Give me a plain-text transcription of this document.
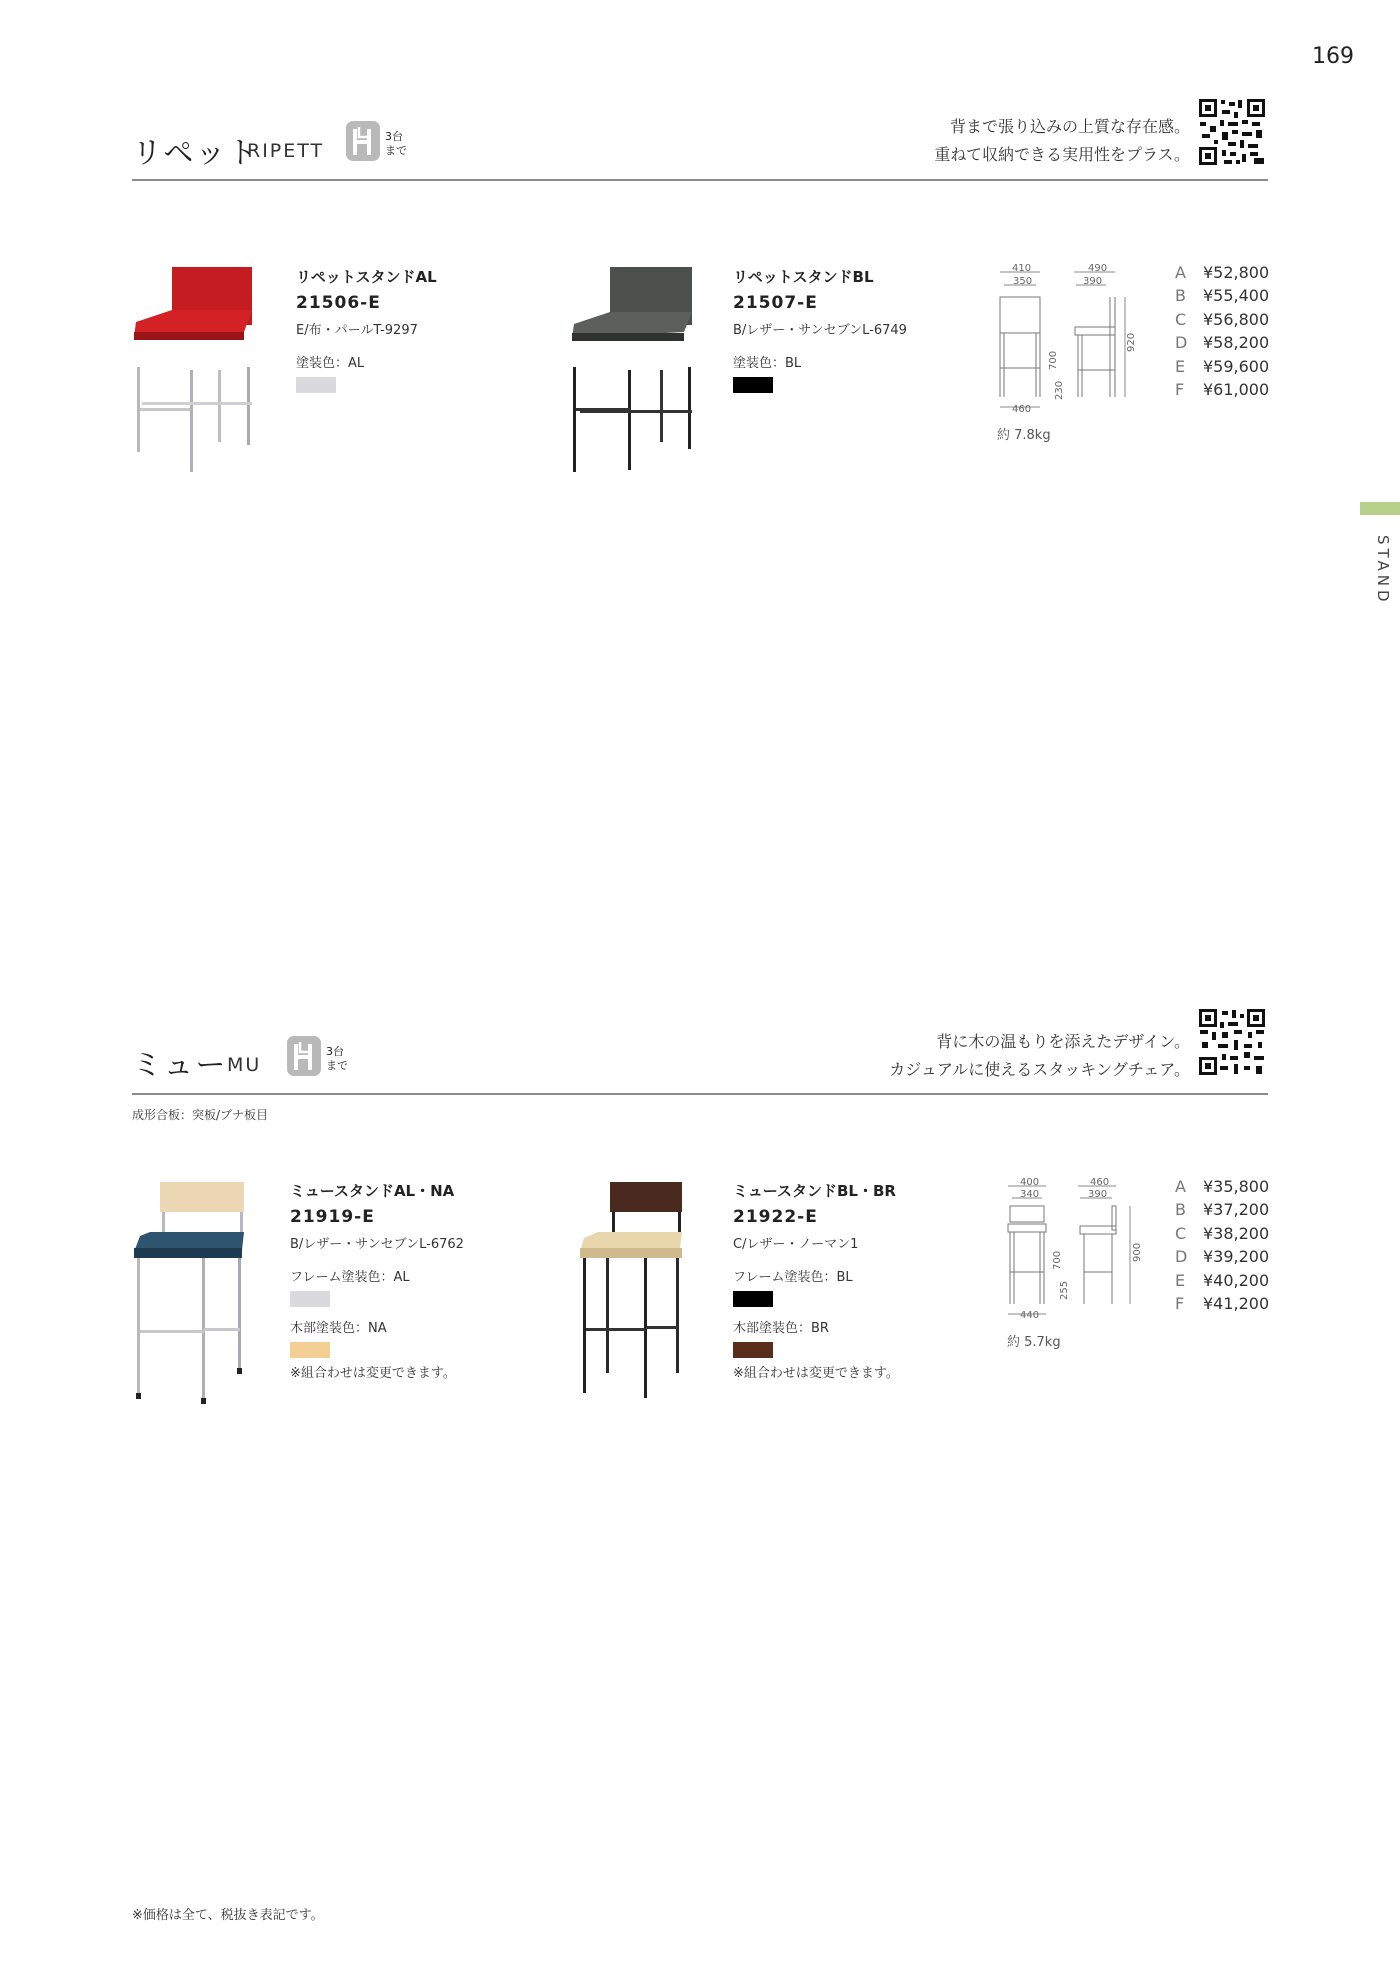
169
STAND
リペット
RIPETT
3台
まで
背まで張り込みの上質な存在感。
重ねて収納できる実用性をプラス。
リペットスタンドAL
21506-E
E/布・パールT-9297
塗装色：AL
リペットスタンドBL
21507-E
B/レザー・サンセブンL-6749
塗装色：BL
410
350
460
700
230
490
390
920
約 7.8kg
A ¥52,800
B ¥55,400
C ¥56,800
D ¥58,200
E ¥59,600
F ¥61,000
ミュー MU
3台
まで
背に木の温もりを添えたデザイン。
カジュアルに使えるスタッキングチェア。
成形合板：突板/ブナ板目
ミュースタンドAL・NA
21919-E
B/レザー・サンセブンL-6762
フレーム塗装色：AL
木部塗装色：NA
※組合わせは変更できます。
ミュースタンドBL・BR
21922-E
C/レザー・ノーマン1
フレーム塗装色：BL
木部塗装色：BR
※組合わせは変更できます。
400
340
440
700
255
460
390
900
約 5.7kg
A ¥35,800
B ¥37,200
C ¥38,200
D ¥39,200
E ¥40,200
F ¥41,200
※価格は全て、税抜き表記です。
